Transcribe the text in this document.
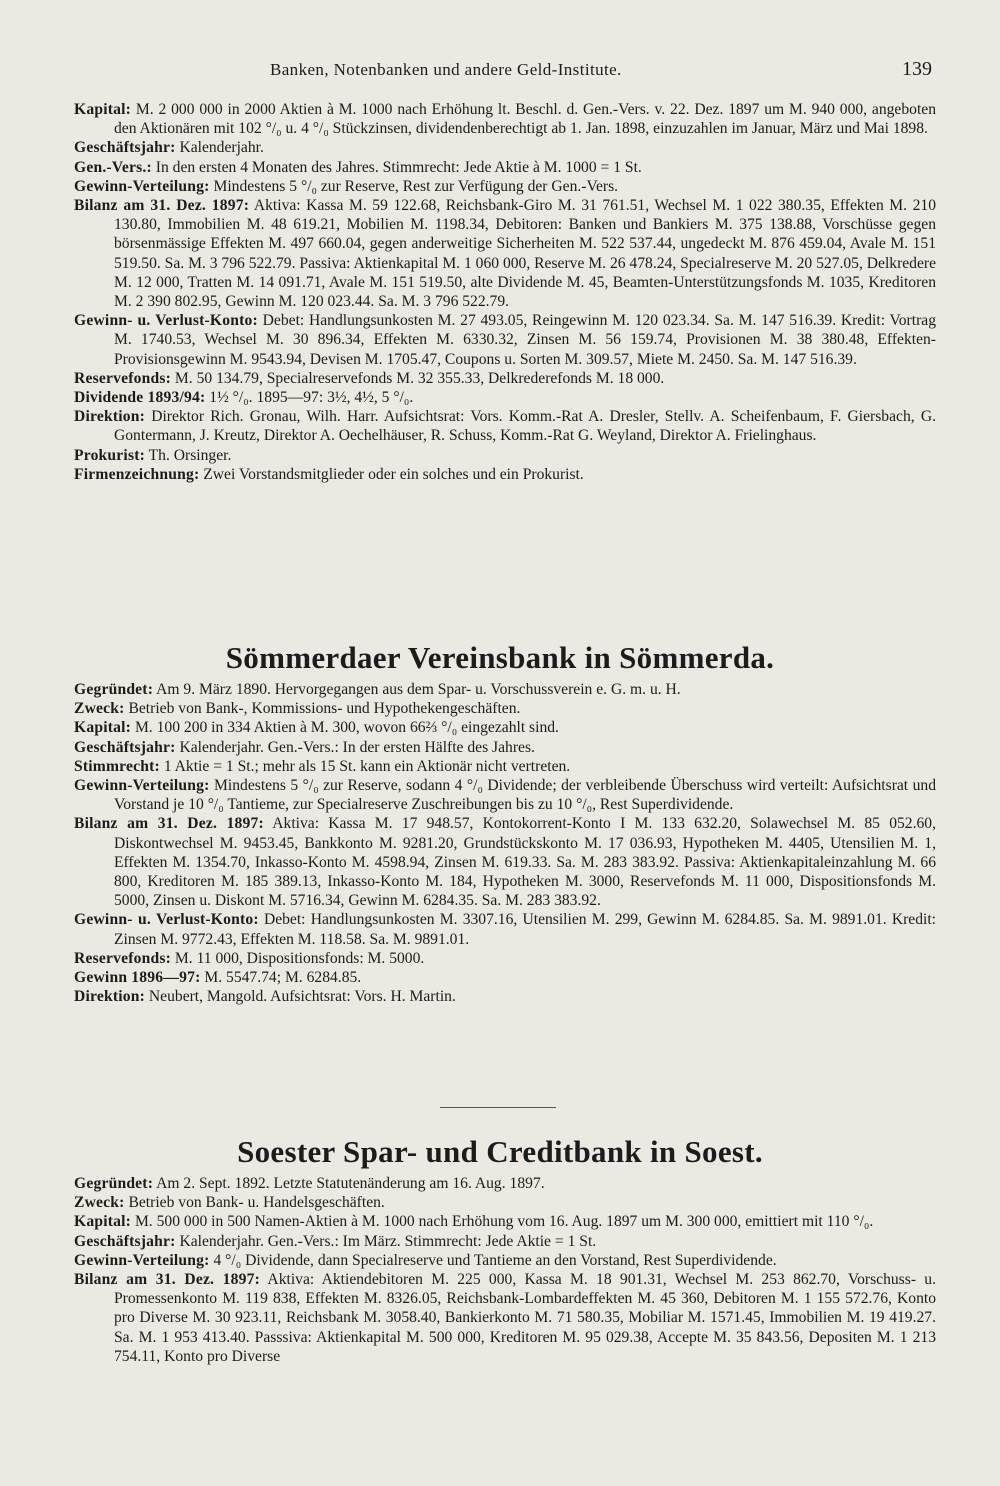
Banken, Notenbanken und andere Geld-Institute.	139

Kapital: M. 2 000 000 in 2000 Aktien à M. 1000 nach Erhöhung lt. Beschl. d. Gen.-Vers. v. 22. Dez. 1897 um M. 940 000, angeboten den Aktionären mit 102 °/₀ u. 4 °/₀ Stückzinsen, dividendenberechtigt ab 1. Jan. 1898, einzuzahlen im Januar, März und Mai 1898.

Geschäftsjahr: Kalenderjahr.

Gen.-Vers.: In den ersten 4 Monaten des Jahres. Stimmrecht: Jede Aktie à M. 1000 = 1 St.

Gewinn-Verteilung: Mindestens 5 °/₀ zur Reserve, Rest zur Verfügung der Gen.-Vers.

Bilanz am 31. Dez. 1897: Aktiva: Kassa M. 59 122.68, Reichsbank-Giro M. 31 761.51, Wechsel M. 1 022 380.35, Effekten M. 210 130.80, Immobilien M. 48 619.21, Mobilien M. 1198.34, Debitoren: Banken und Bankiers M. 375 138.88, Vorschüsse gegen börsenmässige Effekten M. 497 660.04, gegen anderweitige Sicherheiten M. 522 537.44, ungedeckt M. 876 459.04, Avale M. 151 519.50. Sa. M. 3 796 522.79. Passiva: Aktienkapital M. 1 060 000, Reserve M. 26 478.24, Specialreserve M. 20 527.05, Delkredere M. 12 000, Tratten M. 14 091.71, Avale M. 151 519.50, alte Dividende M. 45, Beamten-Unterstützungsfonds M. 1035, Kreditoren M. 2 390 802.95, Gewinn M. 120 023.44. Sa. M. 3 796 522.79.

Gewinn- u. Verlust-Konto: Debet: Handlungsunkosten M. 27 493.05, Reingewinn M. 120 023.34. Sa. M. 147 516.39. Kredit: Vortrag M. 1740.53, Wechsel M. 30 896.34, Effekten M. 6330.32, Zinsen M. 56 159.74, Provisionen M. 38 380.48, Effekten-Provisionsgewinn M. 9543.94, Devisen M. 1705.47, Coupons u. Sorten M. 309.57, Miete M. 2450. Sa. M. 147 516.39.

Reservefonds: M. 50 134.79, Specialreservefonds M. 32 355.33, Delkrederefonds M. 18 000.

Dividende 1893/94: 1½ °/₀. 1895—97: 3½, 4½, 5 °/₀.

Direktion: Direktor Rich. Gronau, Wilh. Harr. Aufsichtsrat: Vors. Komm.-Rat A. Dresler, Stellv. A. Scheifenbaum, F. Giersbach, G. Gontermann, J. Kreutz, Direktor A. Oechelhäuser, R. Schuss, Komm.-Rat G. Weyland, Direktor A. Frielinghaus.

Prokurist: Th. Orsinger.

Firmenzeichnung: Zwei Vorstandsmitglieder oder ein solches und ein Prokurist.

Sömmerdaer Vereinsbank in Sömmerda.

Gegründet: Am 9. März 1890. Hervorgegangen aus dem Spar- u. Vorschussverein e. G. m. u. H.

Zweck: Betrieb von Bank-, Kommissions- und Hypothekengeschäften.

Kapital: M. 100 200 in 334 Aktien à M. 300, wovon 66⅔ °/₀ eingezahlt sind.

Geschäftsjahr: Kalenderjahr. Gen.-Vers.: In der ersten Hälfte des Jahres.

Stimmrecht: 1 Aktie = 1 St.; mehr als 15 St. kann ein Aktionär nicht vertreten.

Gewinn-Verteilung: Mindestens 5 °/₀ zur Reserve, sodann 4 °/₀ Dividende; der verbleibende Überschuss wird verteilt: Aufsichtsrat und Vorstand je 10 °/₀ Tantieme, zur Specialreserve Zuschreibungen bis zu 10 °/₀, Rest Superdividende.

Bilanz am 31. Dez. 1897: Aktiva: Kassa M. 17 948.57, Kontokorrent-Konto I M. 133 632.20, Solawechsel M. 85 052.60, Diskontwechsel M. 9453.45, Bankkonto M. 9281.20, Grundstückskonto M. 17 036.93, Hypotheken M. 4405, Utensilien M. 1, Effekten M. 1354.70, Inkasso-Konto M. 4598.94, Zinsen M. 619.33. Sa. M. 283 383.92. Passiva: Aktienkapitaleinzahlung M. 66 800, Kreditoren M. 185 389.13, Inkasso-Konto M. 184, Hypotheken M. 3000, Reservefonds M. 11 000, Dispositionsfonds M. 5000, Zinsen u. Diskont M. 5716.34, Gewinn M. 6284.35. Sa. M. 283 383.92.

Gewinn- u. Verlust-Konto: Debet: Handlungsunkosten M. 3307.16, Utensilien M. 299, Gewinn M. 6284.85. Sa. M. 9891.01. Kredit: Zinsen M. 9772.43, Effekten M. 118.58. Sa. M. 9891.01.

Reservefonds: M. 11 000, Dispositionsfonds: M. 5000.

Gewinn 1896—97: M. 5547.74; M. 6284.85.

Direktion: Neubert, Mangold. Aufsichtsrat: Vors. H. Martin.

Soester Spar- und Creditbank in Soest.

Gegründet: Am 2. Sept. 1892. Letzte Statutenänderung am 16. Aug. 1897.

Zweck: Betrieb von Bank- u. Handelsgeschäften.

Kapital: M. 500 000 in 500 Namen-Aktien à M. 1000 nach Erhöhung vom 16. Aug. 1897 um M. 300 000, emittiert mit 110 °/₀.

Geschäftsjahr: Kalenderjahr. Gen.-Vers.: Im März. Stimmrecht: Jede Aktie = 1 St.

Gewinn-Verteilung: 4 °/₀ Dividende, dann Specialreserve und Tantieme an den Vorstand, Rest Superdividende.

Bilanz am 31. Dez. 1897: Aktiva: Aktiendebitoren M. 225 000, Kassa M. 18 901.31, Wechsel M. 253 862.70, Vorschuss- u. Promessenkonto M. 119 838, Effekten M. 8326.05, Reichsbank-Lombardeffekten M. 45 360, Debitoren M. 1 155 572.76, Konto pro Diverse M. 30 923.11, Reichsbank M. 3058.40, Bankierkonto M. 71 580.35, Mobiliar M. 1571.45, Immobilien M. 19 419.27. Sa. M. 1 953 413.40. Passsiva: Aktienkapital M. 500 000, Kreditoren M. 95 029.38, Accepte M. 35 843.56, Depositen M. 1 213 754.11, Konto pro Diverse
